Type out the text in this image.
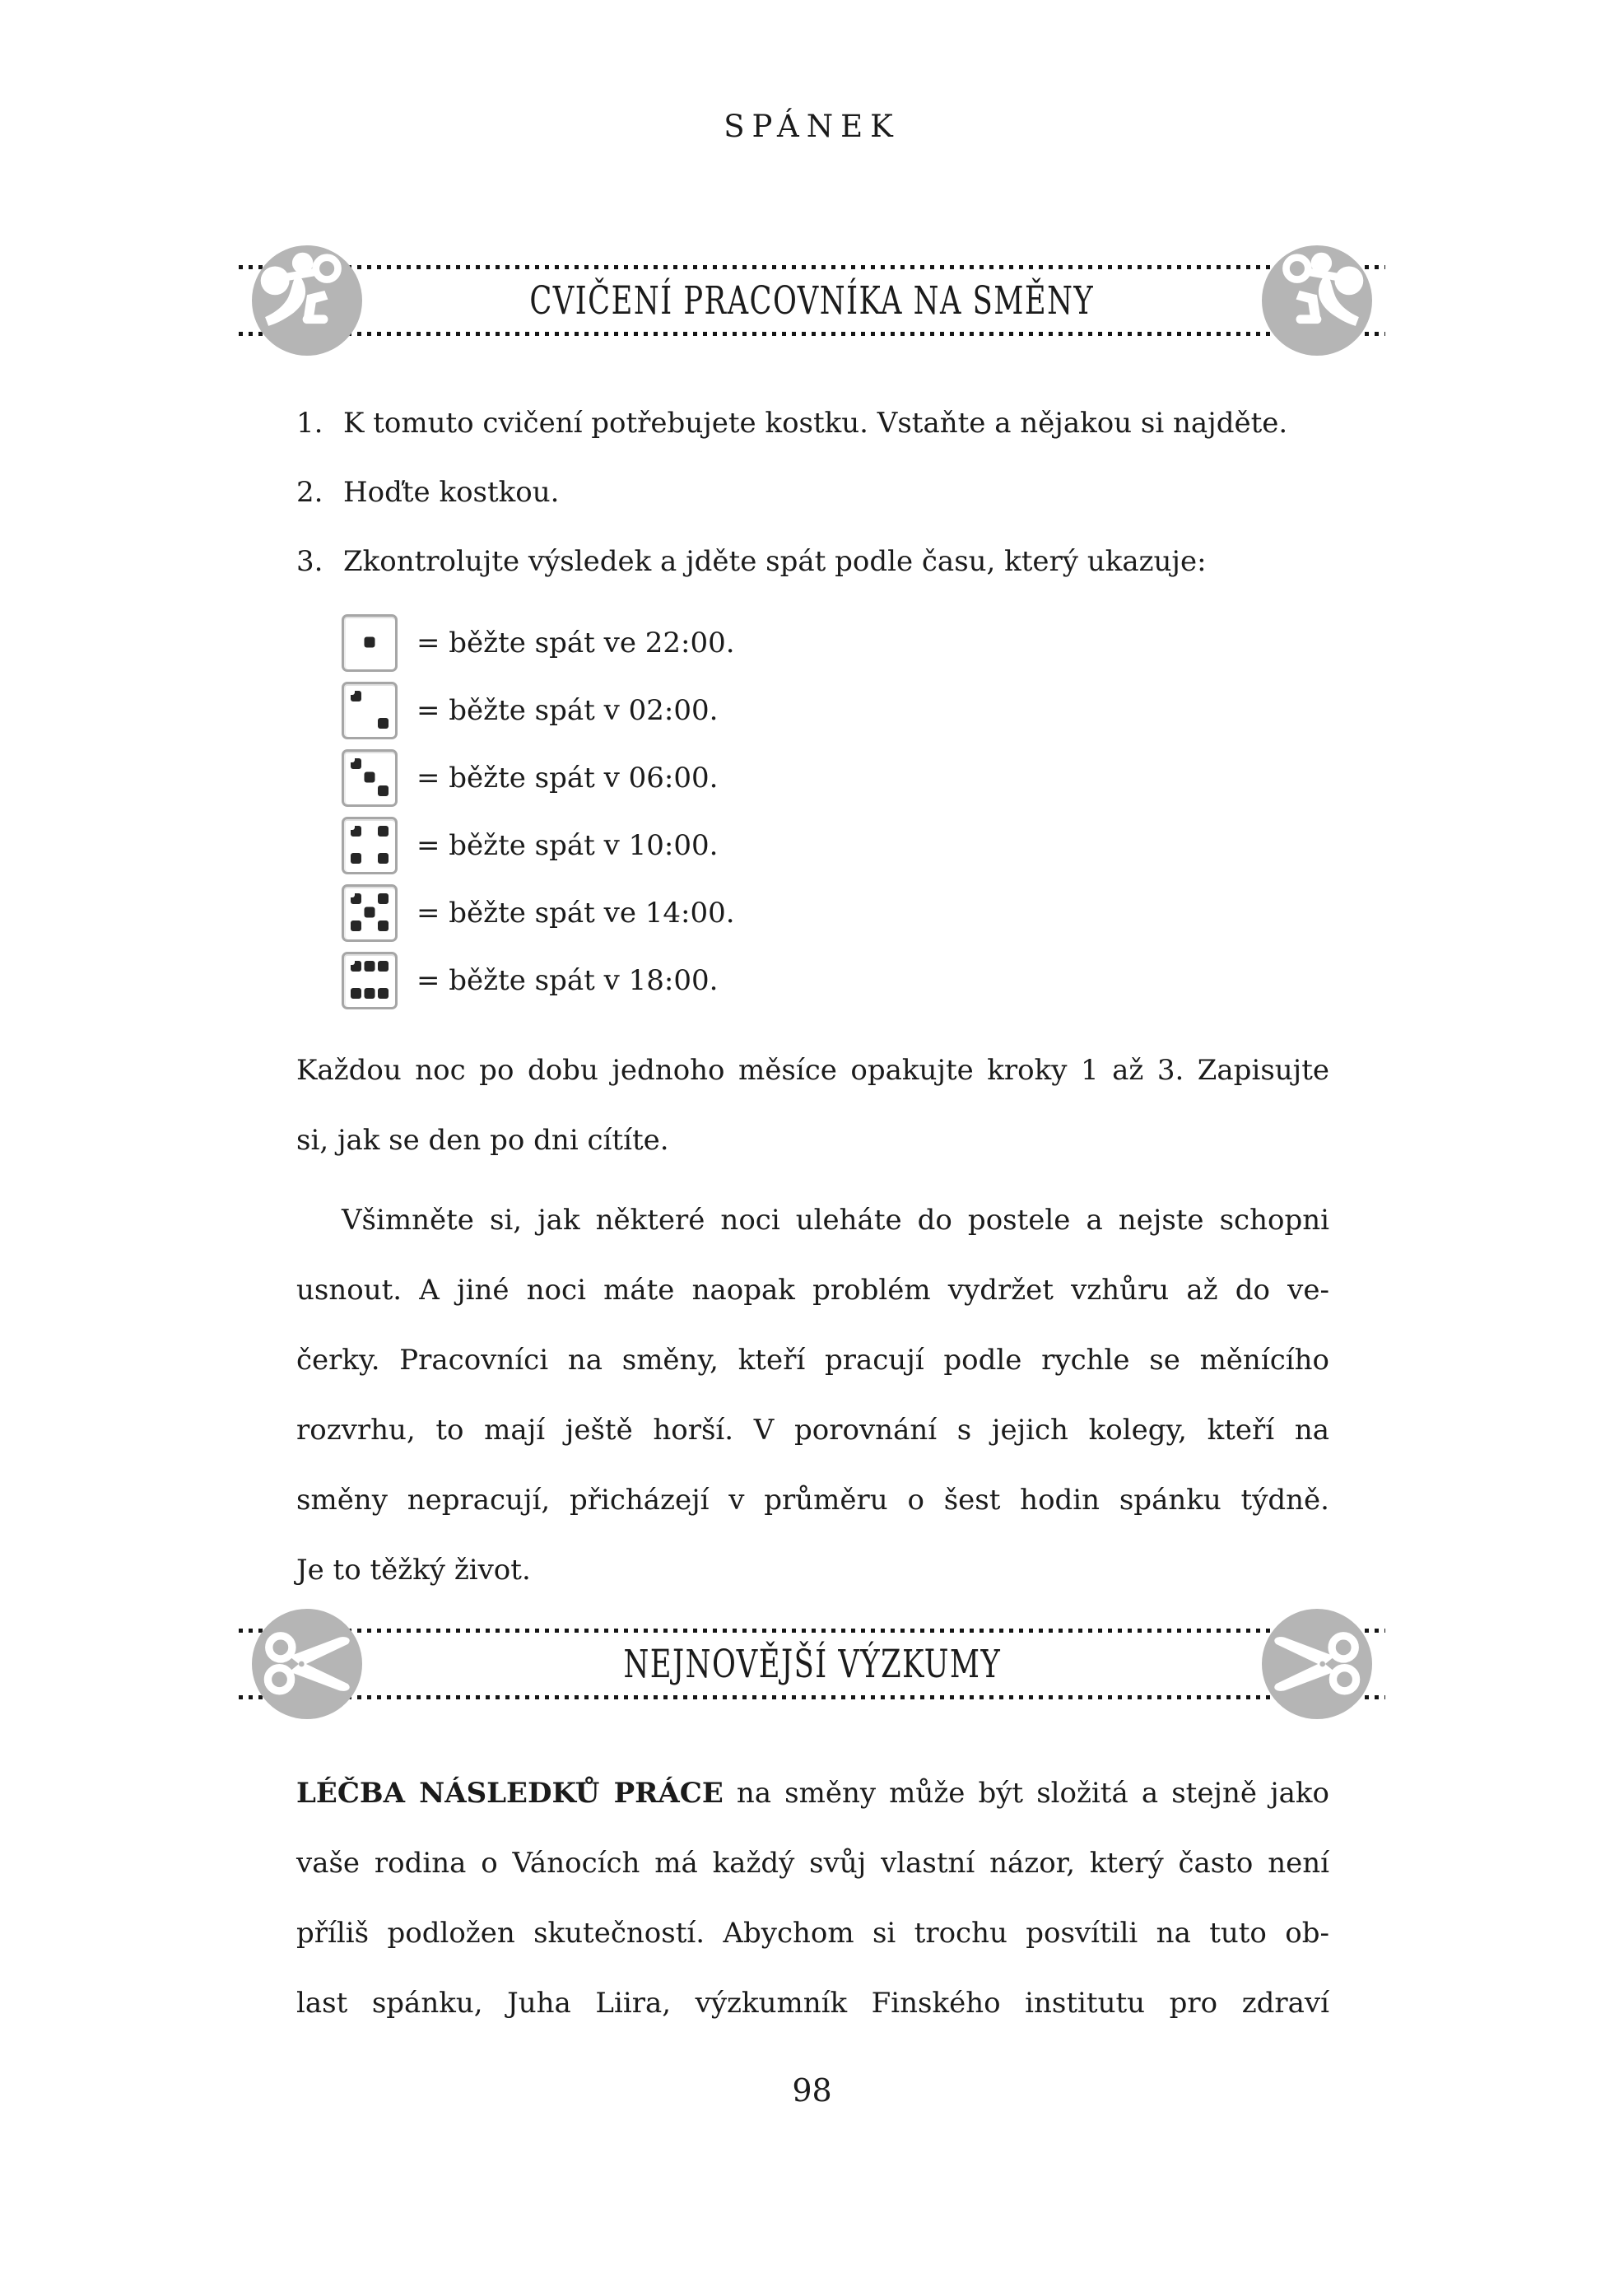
SPÁNEK
CVIČENÍ PRACOVNÍKA NA SMĚNY
1. K tomuto cvičení potřebujete kostku. Vstaňte a nějakou si najděte.
2. Hoďte kostkou.
3. Zkontrolujte výsledek a jděte spát podle času, který ukazuje:
= běžte spát ve 22:00.
= běžte spát v 02:00.
= běžte spát v 06:00.
= běžte spát v 10:00.
= běžte spát ve 14:00.
= běžte spát v 18:00.
Každou noc po dobu jednoho měsíce opakujte kroky 1 až 3. Zapisujte
si, jak se den po dni cítíte.
Všimněte si, jak některé noci uleháte do postele a nejste schopni
usnout. A jiné noci máte naopak problém vydržet vzhůru až do ve-
čerky. Pracovníci na směny, kteří pracují podle rychle se měnícího
rozvrhu, to mají ještě horší. V porovnání s jejich kolegy, kteří na
směny nepracují, přicházejí v průměru o šest hodin spánku týdně.
Je to těžký život.
NEJNOVĚJŠÍ VÝZKUMY
LÉČBA NÁSLEDKŮ PRÁCE na směny může být složitá a stejně jako
vaše rodina o Vánocích má každý svůj vlastní názor, který často není
příliš podložen skutečností. Abychom si trochu posvítili na tuto ob-
last spánku, Juha Liira, výzkumník Finského institutu pro zdraví
98
